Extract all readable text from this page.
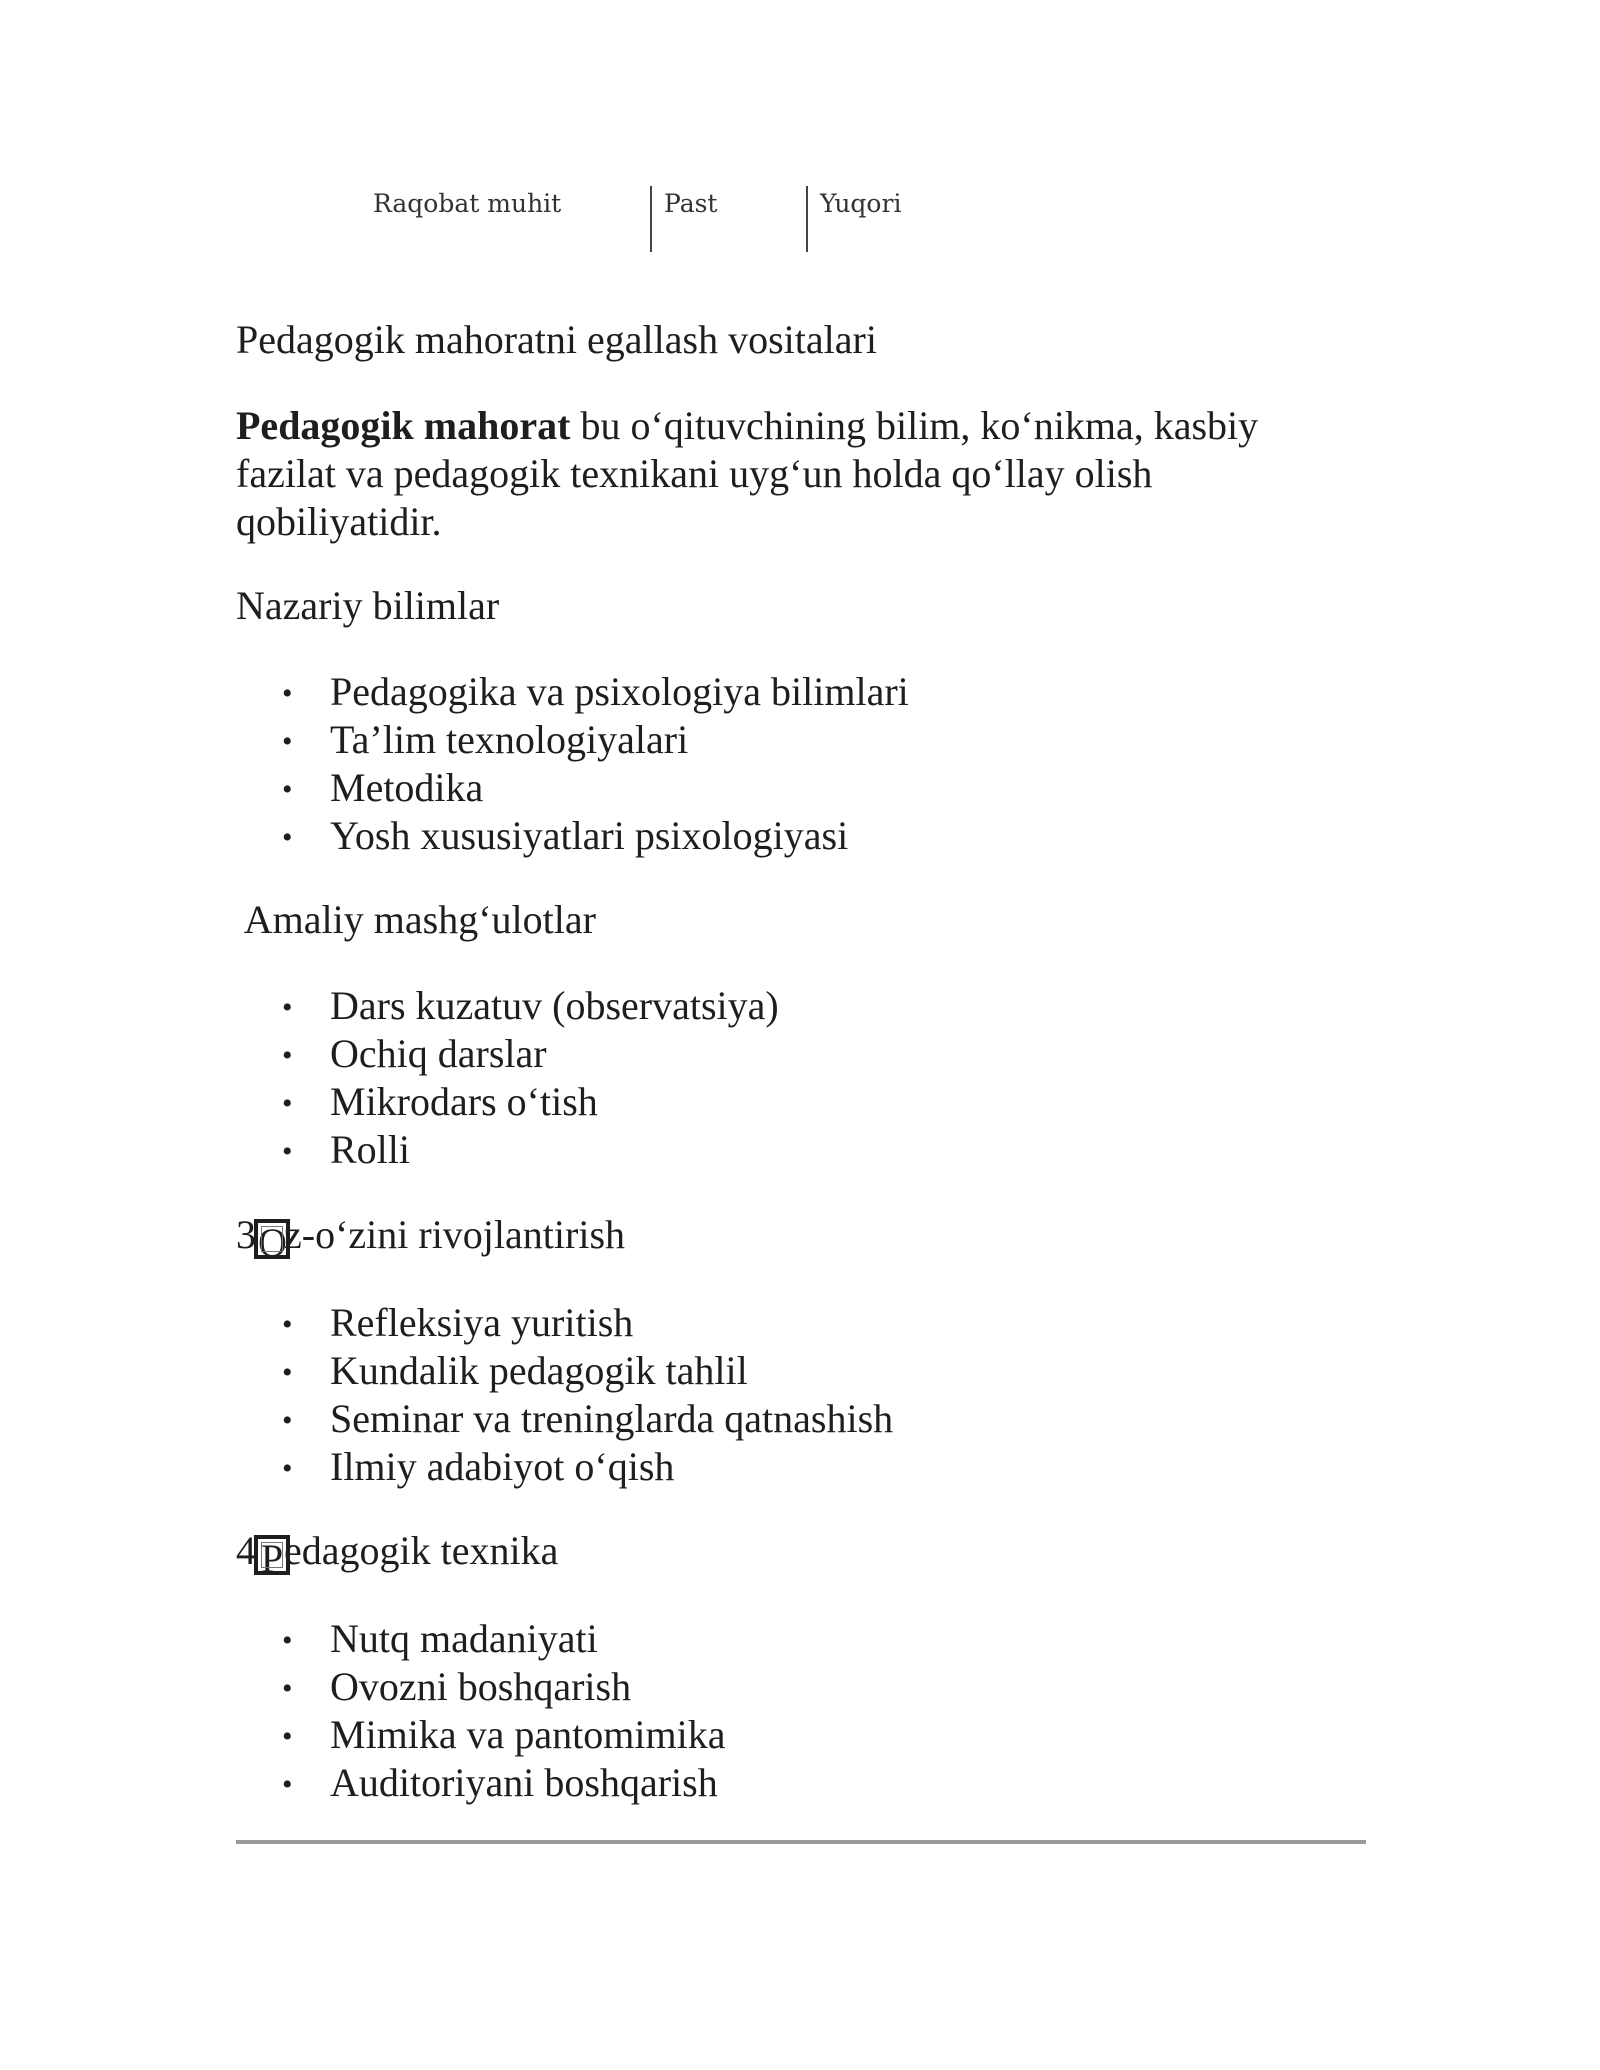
Raqobat muhit	Past	Yuqori
Pedagogik mahoratni egallash vositalari
Pedagogik mahorat bu o‘qituvchining bilim, ko‘nikma, kasbiy fazilat va pedagogik texnikani uyg‘un holda qo‘llay olish qobiliyatidir.
Nazariy bilimlar
• Pedagogika va psixologiya bilimlari
• Ta’lim texnologiyalari
• Metodika
• Yosh xususiyatlari psixologiyasi
Amaliy mashg‘ulotlar
• Dars kuzatuv (observatsiya)
• Ochiq darslar
• Mikrodars o‘tish
• Rolli
3Oz-o‘zini rivojlantirish
• Refleksiya yuritish
• Kundalik pedagogik tahlil
• Seminar va treninglarda qatnashish
• Ilmiy adabiyot o‘qish
4 Pedagogik texnika
• Nutq madaniyati
• Ovozni boshqarish
• Mimika va pantomimika
• Auditoriyani boshqarish
